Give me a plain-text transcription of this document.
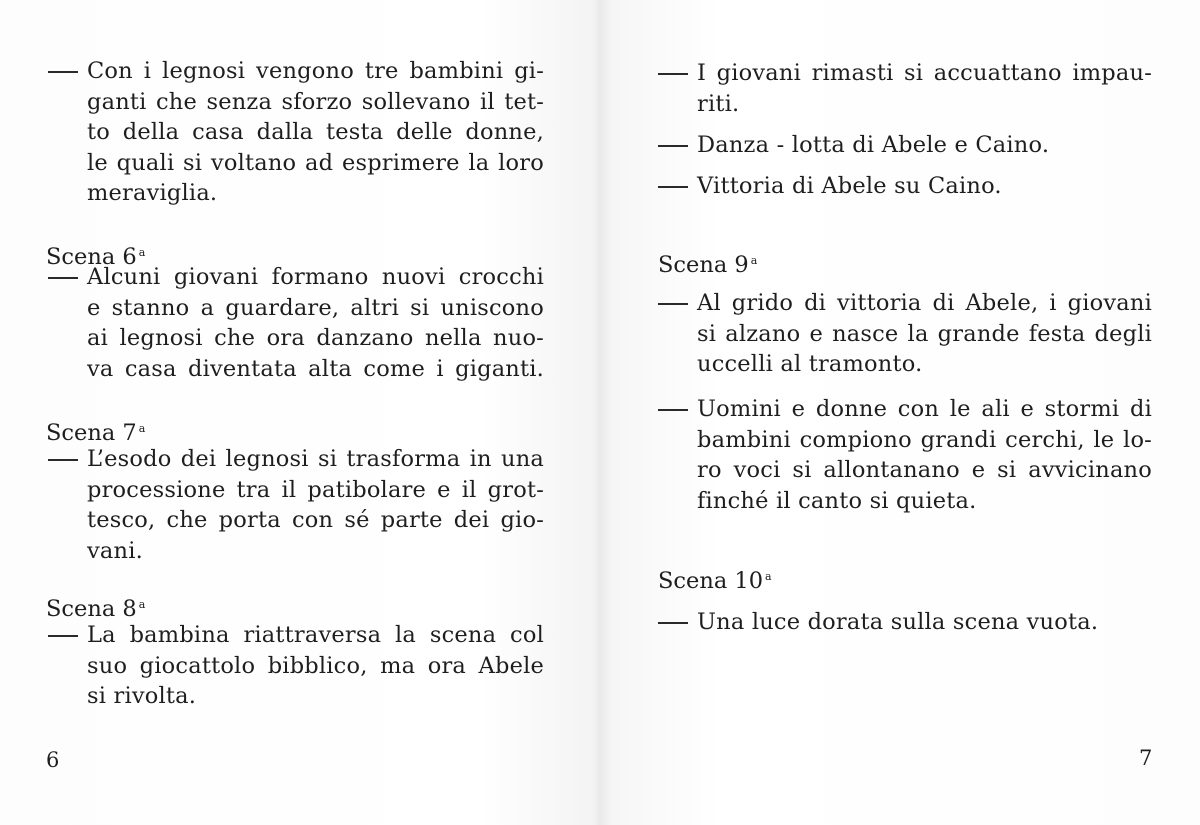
Con i legnosi vengono tre bambini gi-
ganti che senza sforzo sollevano il tet-
to della casa dalla testa delle donne,
le quali si voltano ad esprimere la loro
meraviglia.
Scena 6 $^a$
Alcuni giovani formano nuovi crocchi
e stanno a guardare, altri si uniscono
ai legnosi che ora danzano nella nuo-
va casa diventata alta come i giganti.
Scena 7 $^a$
L’esodo dei legnosi si trasforma in una
processione tra il patibolare e il grot-
tesco, che porta con sé parte dei gio-
vani.
Scena 8 $^a$
La bambina riattraversa la scena col
suo giocattolo bibblico, ma ora Abele
si rivolta.
6
I giovani rimasti si accuattano impau-
riti.
Danza - lotta di Abele e Caino.
Vittoria di Abele su Caino.
Scena 9 $^a$
Al grido di vittoria di Abele, i giovani
si alzano e nasce la grande festa degli
uccelli al tramonto.
Uomini e donne con le ali e stormi di
bambini compiono grandi cerchi, le lo-
ro voci si allontanano e si avvicinano
finché il canto si quieta.
Scena 10 $^a$
Una luce dorata sulla scena vuota.
7
